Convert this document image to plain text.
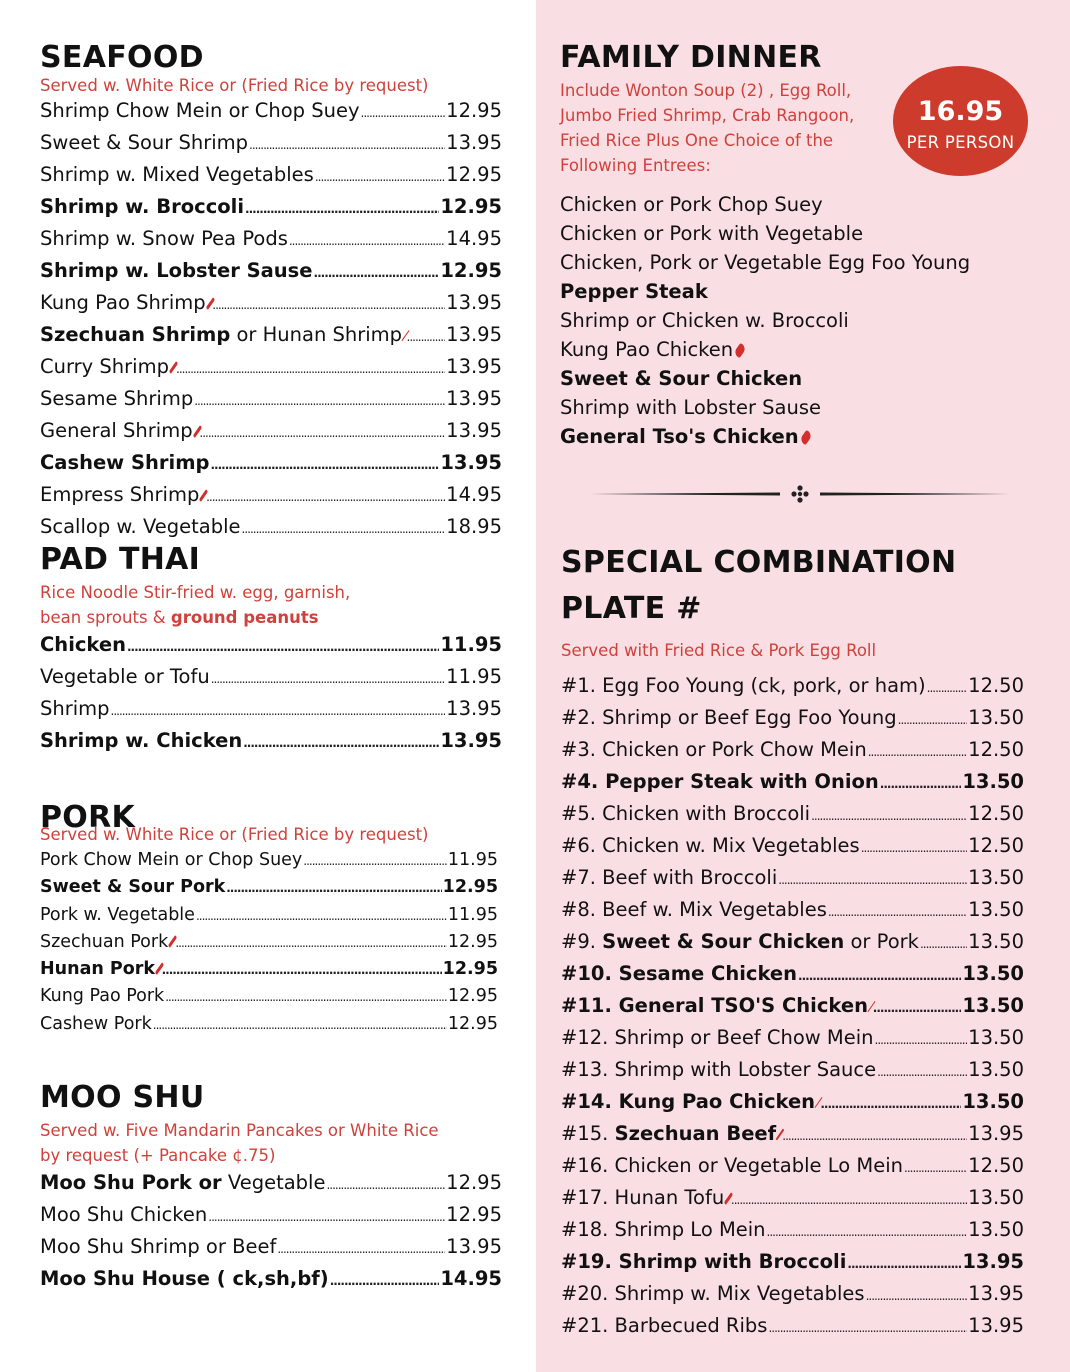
SEAFOOD
Served w. White Rice or (Fried Rice by request)
Shrimp Chow Mein or Chop Suey .....	12.95
Sweet & Sour Shrimp .....	13.95
Shrimp w. Mixed Vegetables .....	12.95
Shrimp w. Broccoli .....	12.95
Shrimp w. Snow Pea Pods .....	14.95
Shrimp w. Lobster Sause .....	12.95
Kung Pao Shrimp .....	13.95
Szechuan Shrimp or Hunan Shrimp ..... 13.95
Curry Shrimp .....	13.95
Sesame Shrimp .....	13.95
General Shrimp .....	13.95
Cashew Shrimp .....	13.95
Empress Shrimp .....	14.95
Scallop w. Vegetable .....	18.95
PAD THAI
Rice Noodle Stir-fried w. egg, garnish,
bean sprouts & ground peanuts
Chicken .....	11.95
Vegetable or Tofu .....	11.95
Shrimp .....	13.95
Shrimp w. Chicken .....	13.95
PORK
Served w. White Rice or (Fried Rice by request)
Pork Chow Mein or Chop Suey .....	11.95
Sweet & Sour Pork .....	12.95
Pork w. Vegetable .....	11.95
Szechuan Pork .....	12.95
Hunan Pork .....	12.95
Kung Pao Pork .....	12.95
Cashew Pork .....	12.95
MOO SHU
Served w. Five Mandarin Pancakes or White Rice
by request (+ Pancake ¢.75)
Moo Shu Pork or Vegetable .....	12.95
Moo Shu Chicken .....	12.95
Moo Shu Shrimp or Beef .....	13.95
Moo Shu House ( ck,sh,bf) .....	14.95
FAMILY DINNER
Include Wonton Soup (2) , Egg Roll,
Jumbo Fried Shrimp, Crab Rangoon,
Fried Rice Plus One Choice of the
Following Entrees:
Chicken or Pork Chop Suey
Chicken or Pork with Vegetable
Chicken, Pork or Vegetable Egg Foo Young
Pepper Steak
Shrimp or Chicken w. Broccoli
Kung Pao Chicken
Sweet & Sour Chicken
Shrimp with Lobster Sause
General Tso's Chicken
16.95
PER PERSON
SPECIAL COMBINATION
PLATE #
Served with Fried Rice & Pork Egg Roll
#1. Egg Foo Young (ck, pork, or ham) ..... 12.50
#2. Shrimp or Beef Egg Foo Young .....	13.50
#3. Chicken or Pork Chow Mein .....	12.50
#4. Pepper Steak with Onion .....	13.50
#5. Chicken with Broccoli .....	12.50
#6. Chicken w. Mix Vegetables .....	12.50
#7. Beef with Broccoli .....	13.50
#8. Beef w. Mix Vegetables .....	13.50
#9. Sweet & Sour Chicken or Pork .....	13.50
#10. Sesame Chicken .....	13.50
#11. General TSO'S Chicken .....	13.50
#12. Shrimp or Beef Chow Mein .....	13.50
#13. Shrimp with Lobster Sauce .....	13.50
#14. Kung Pao Chicken .....	13.50
#15. Szechuan Beef .....	13.95
#16. Chicken or Vegetable Lo Mein .....	12.50
#17. Hunan Tofu .....	13.50
#18. Shrimp Lo Mein .....	13.50
#19. Shrimp with Broccoli .....	13.95
#20. Shrimp w. Mix Vegetables .....	13.95
#21. Barbecued Ribs .....	13.95
